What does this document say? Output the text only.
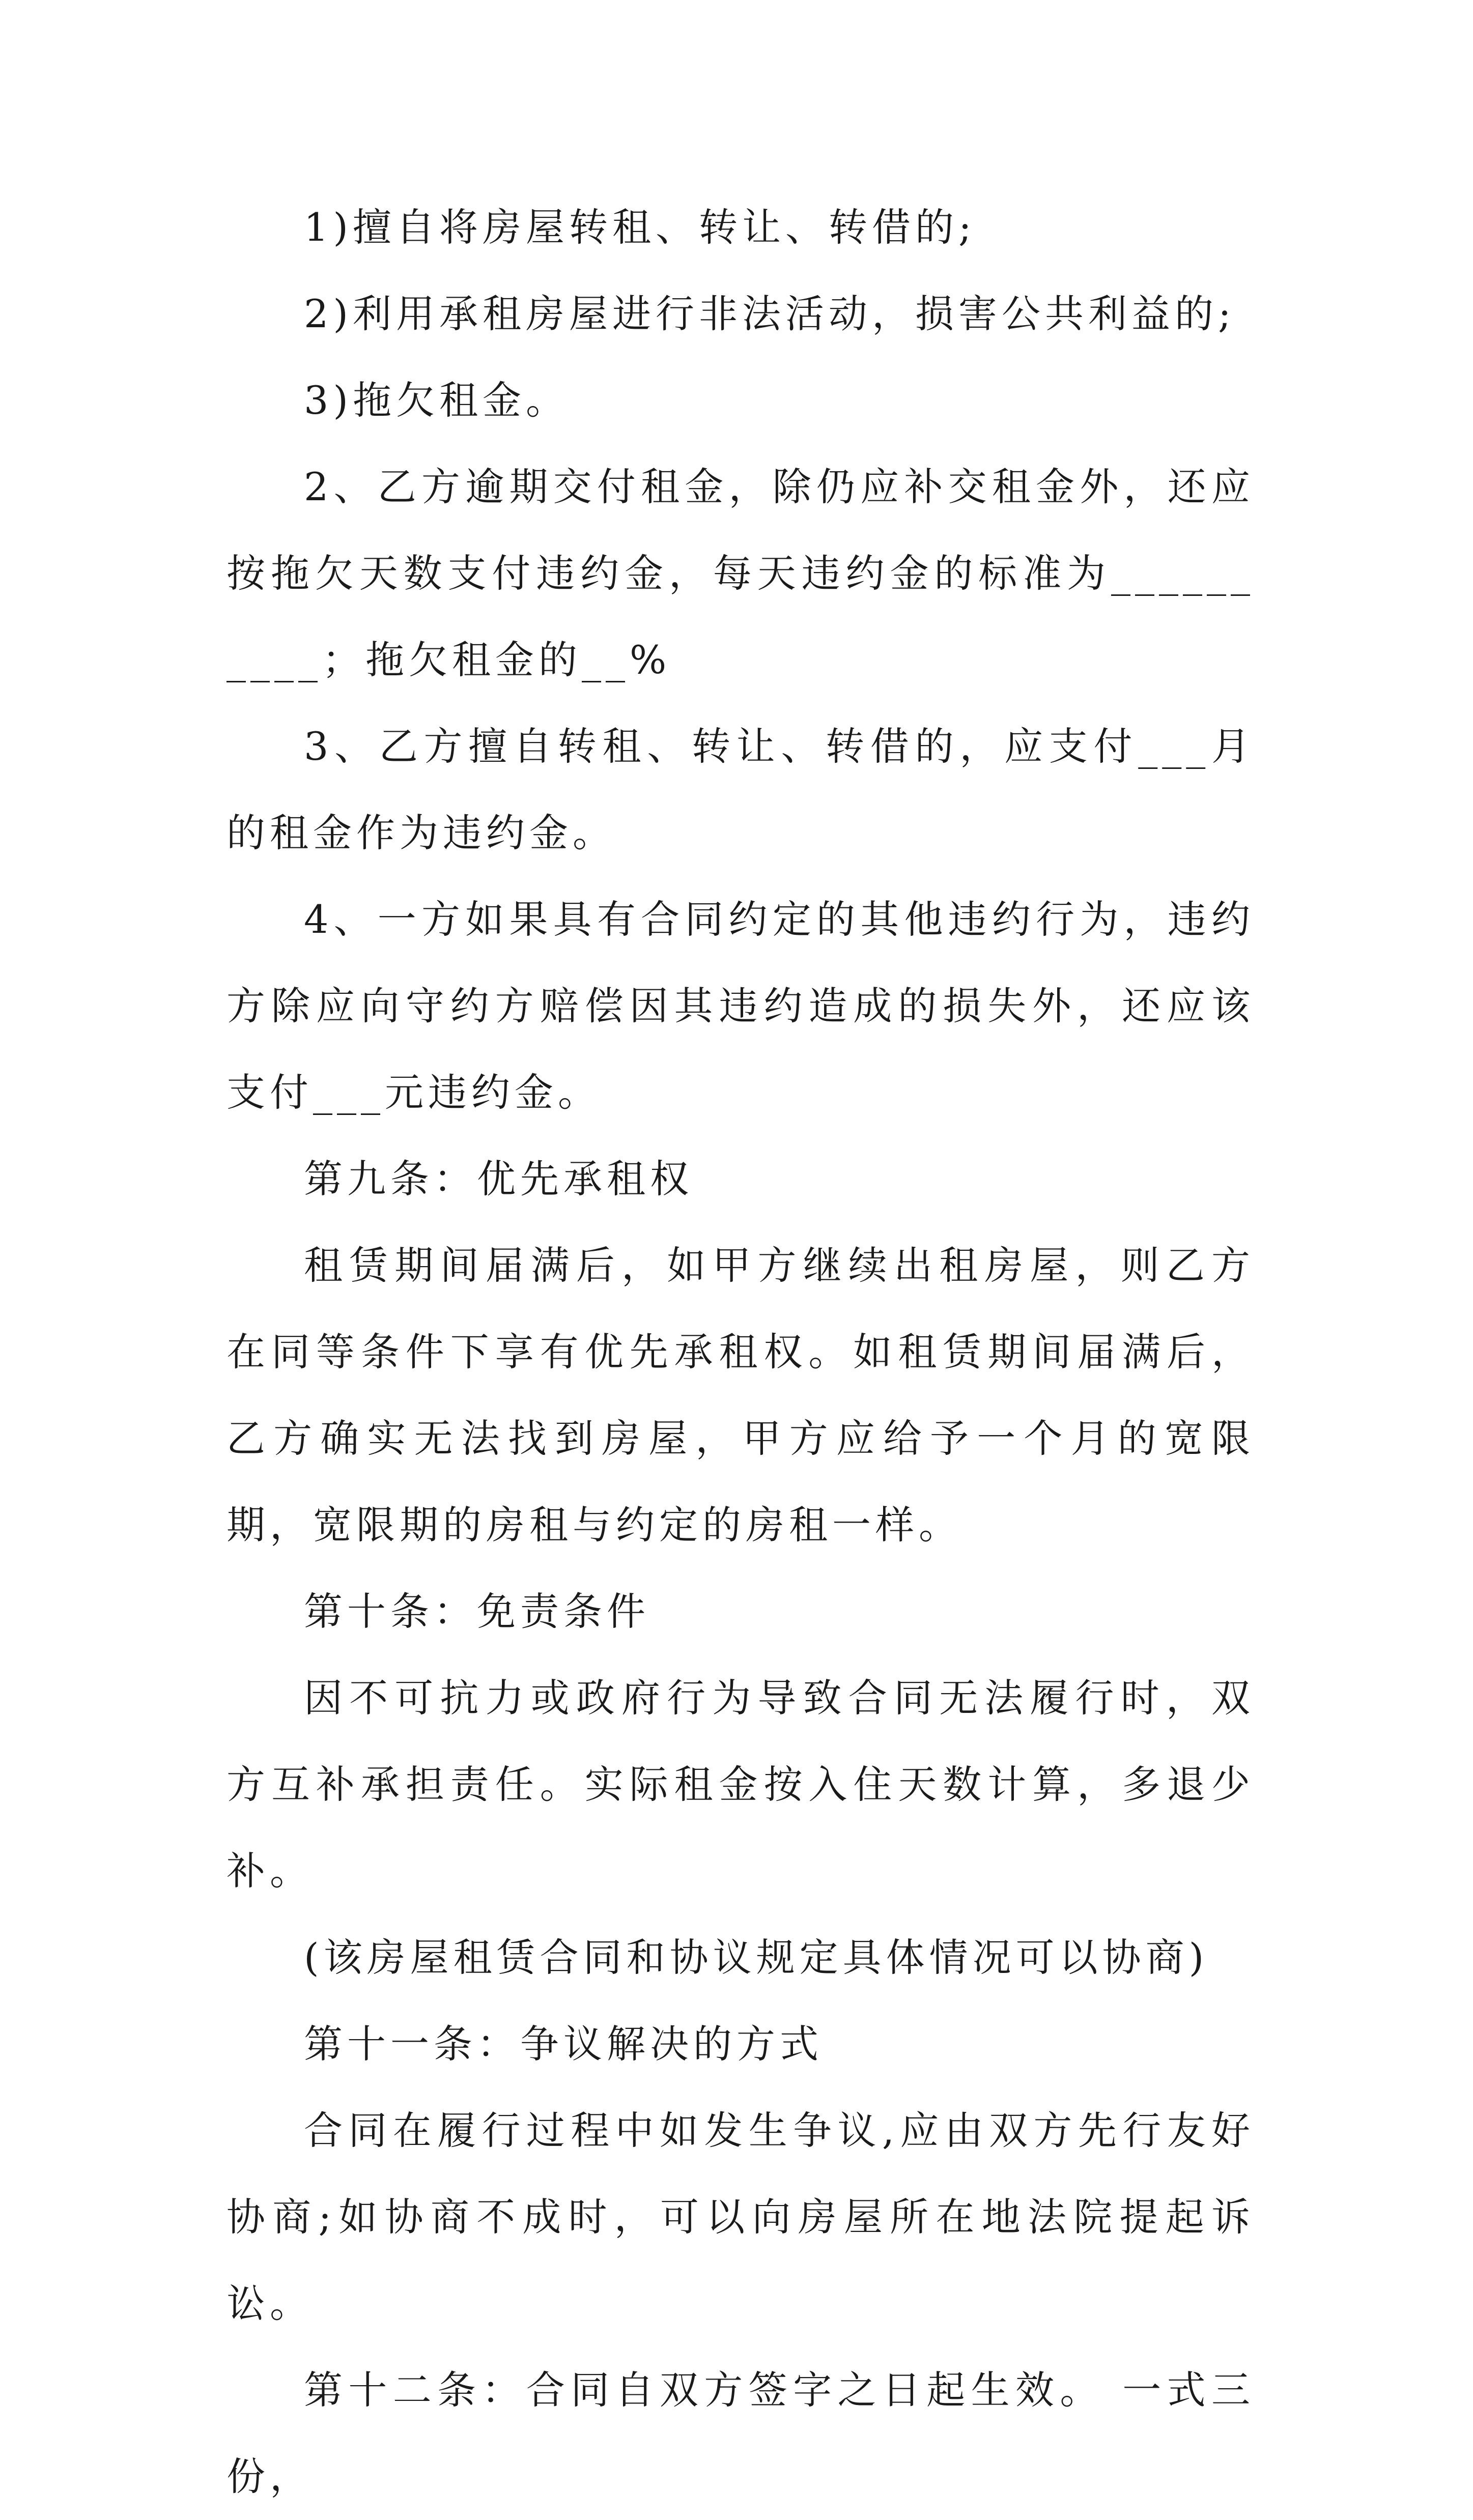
1)擅自将房屋转租、转让、转借的;

2)利用承租房屋进行非法活动，损害公共利益的;

3)拖欠租金。

2、乙方逾期交付租金，除仍应补交租金外，还应按拖欠天数支付违约金，每天违约金的标准为__________；拖欠租金的__%

3、乙方擅自转租、转让、转借的，应支付___月的租金作为违约金。

4、一方如果具有合同约定的其他违约行为，违约方除应向守约方赔偿因其违约造成的损失外，还应该支付___元违约金。

第九条：优先承租权

租赁期间届满后，如甲方继续出租房屋，则乙方在同等条件下享有优先承租权。如租赁期间届满后，乙方确实无法找到房屋，甲方应给予一个月的宽限期，宽限期的房租与约定的房租一样。

第十条：免责条件

因不可抗力或政府行为导致合同无法履行时，双方互补承担责任。实际租金按入住天数计算，多退少补。

(该房屋租赁合同和协议规定具体情况可以协商)

第十一条：争议解决的方式

合同在履行过程中如发生争议,应由双方先行友好协商;如协商不成时，可以向房屋所在地法院提起诉讼。

第十二条：合同自双方签字之日起生效。 一式三份，
